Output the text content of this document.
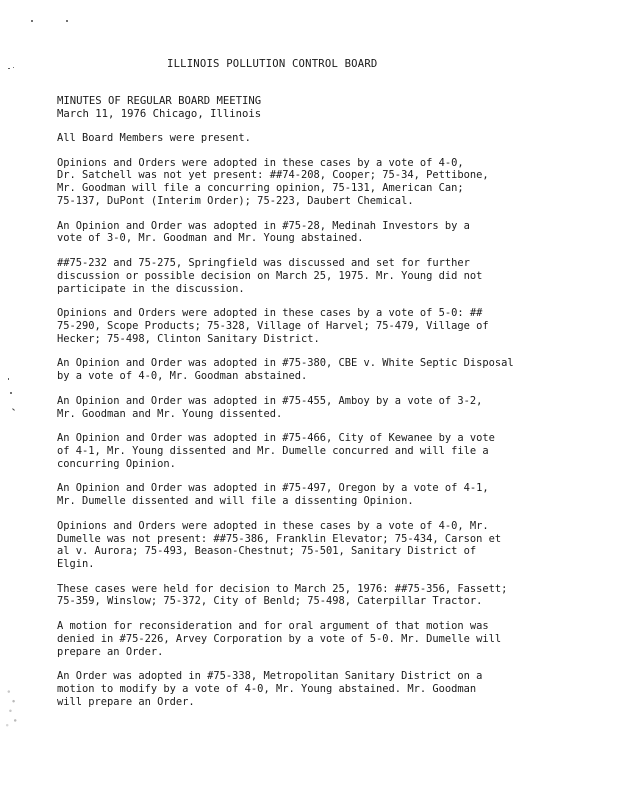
ILLINOIS POLLUTION CONTROL BOARD
MINUTES OF REGULAR BOARD MEETING
March 11, 1976 Chicago, Illinois

All Board Members were present.

Opinions and Orders were adopted in these cases by a vote of 4-0,
Dr. Satchell was not yet present: ##74-208, Cooper; 75-34, Pettibone,
Mr. Goodman will file a concurring opinion, 75-131, American Can;
75-137, DuPont (Interim Order); 75-223, Daubert Chemical.

An Opinion and Order was adopted in #75-28, Medinah Investors by a
vote of 3-0, Mr. Goodman and Mr. Young abstained.

##75-232 and 75-275, Springfield was discussed and set for further
discussion or possible decision on March 25, 1975. Mr. Young did not
participate in the discussion.

Opinions and Orders were adopted in these cases by a vote of 5-0: ##
75-290, Scope Products; 75-328, Village of Harvel; 75-479, Village of
Hecker; 75-498, Clinton Sanitary District.

An Opinion and Order was adopted in #75-380, CBE v. White Septic Disposal
by a vote of 4-0, Mr. Goodman abstained.

An Opinion and Order was adopted in #75-455, Amboy by a vote of 3-2,
Mr. Goodman and Mr. Young dissented.

An Opinion and Order was adopted in #75-466, City of Kewanee by a vote
of 4-1, Mr. Young dissented and Mr. Dumelle concurred and will file a
concurring Opinion.

An Opinion and Order was adopted in #75-497, Oregon by a vote of 4-1,
Mr. Dumelle dissented and will file a dissenting Opinion.

Opinions and Orders were adopted in these cases by a vote of 4-0, Mr.
Dumelle was not present: ##75-386, Franklin Elevator; 75-434, Carson et
al v. Aurora; 75-493, Beason-Chestnut; 75-501, Sanitary District of
Elgin.

These cases were held for decision to March 25, 1976: ##75-356, Fassett;
75-359, Winslow; 75-372, City of Benld; 75-498, Caterpillar Tractor.

A motion for reconsideration and for oral argument of that motion was
denied in #75-226, Arvey Corporation by a vote of 5-0. Mr. Dumelle will
prepare an Order.

An Order was adopted in #75-338, Metropolitan Sanitary District on a
motion to modify by a vote of 4-0, Mr. Young abstained. Mr. Goodman
will prepare an Order.
